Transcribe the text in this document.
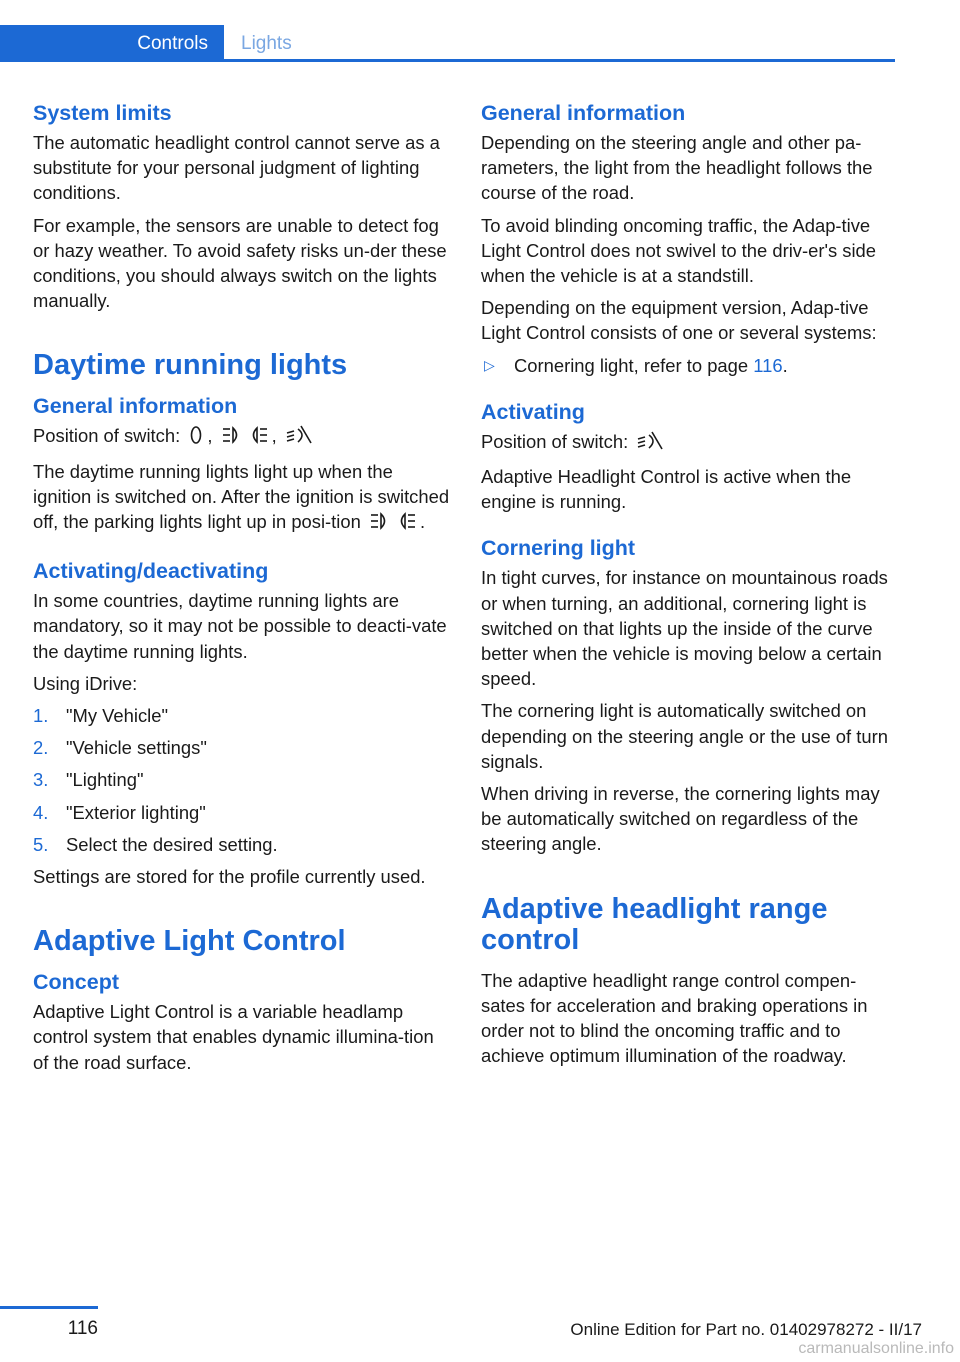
Controls	Lights
System limits

The automatic headlight control cannot serve as a substitute for your personal judgment of lighting conditions.

For example, the sensors are unable to detect fog or hazy weather. To avoid safety risks un‐der these conditions, you should always switch on the lights manually.

Daytime running lights
General information

Position of switch: ,	,

The daytime running lights light up when the ignition is switched on. After the ignition is switched off, the parking lights light up in posi‐tion	.

Activating/deactivating

In some countries, daytime running lights are mandatory, so it may not be possible to deacti‐vate the daytime running lights.

Using iDrive:

1. "My Vehicle"
2. "Vehicle settings"
3. "Lighting"
4. "Exterior lighting"
5. Select the desired setting.

Settings are stored for the profile currently used.

Adaptive Light Control
Concept

Adaptive Light Control is a variable headlamp control system that enables dynamic illumina‐tion of the road surface.

General information

Depending on the steering angle and other pa‐rameters, the light from the headlight follows the course of the road.

To avoid blinding oncoming traffic, the Adap‐tive Light Control does not swivel to the driv‐er's side when the vehicle is at a standstill.

Depending on the equipment version, Adap‐tive Light Control consists of one or several systems:

▷ Cornering light, refer to page 116.
Activating

Position of switch:

Adaptive Headlight Control is active when the engine is running.

Cornering light

In tight curves, for instance on mountainous roads or when turning, an additional, cornering light is switched on that lights up the inside of the curve better when the vehicle is moving below a certain speed.

The cornering light is automatically switched on depending on the steering angle or the use of turn signals.

When driving in reverse, the cornering lights may be automatically switched on regardless of the steering angle.

Adaptive headlight range control

The adaptive headlight range control compen‐sates for acceleration and braking operations in order not to blind the oncoming traffic and to achieve optimum illumination of the roadway.

116	Online Edition for Part no. 01402978272 - II/17
carmanualsonline.info
